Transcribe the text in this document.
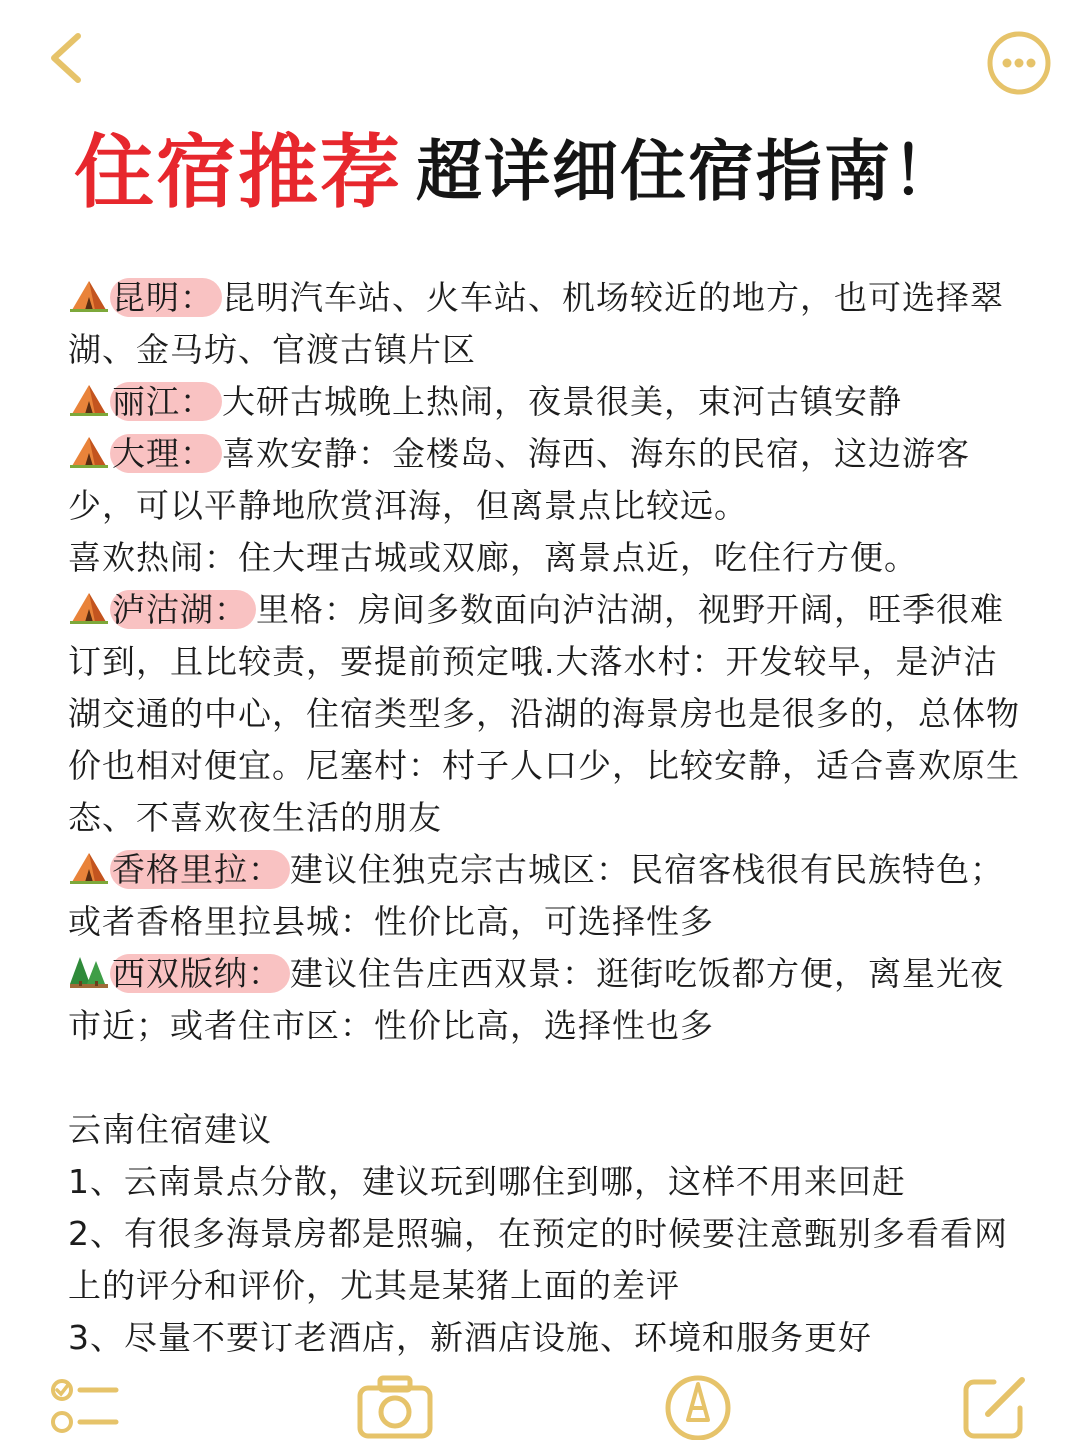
住宿推荐 超详细住宿指南！

昆明： 昆明汽车站、火车站、机场较近的地方，也可选择翠湖、金马坊、官渡古镇片区

丽江： 大研古城晚上热闹，夜景很美，束河古镇安静

大理： 喜欢安静：金楼岛、海西、海东的民宿，这边游客少，可以平静地欣赏洱海，但离景点比较远。

喜欢热闹：住大理古城或双廊，离景点近，吃住行方便。

泸沽湖： 里格：房间多数面向泸沽湖，视野开阔，旺季很难订到，且比较责，要提前预定哦.大落水村：开发较早，是泸沽湖交通的中心，住宿类型多，沿湖的海景房也是很多的，总体物价也相对便宜。尼塞村：村子人口少，比较安静，适合喜欢原生态、不喜欢夜生活的朋友

香格里拉： 建议住独克宗古城区：民宿客栈很有民族特色；或者香格里拉县城：性价比高，可选择性多

西双版纳： 建议住告庄西双景：逛街吃饭都方便，离星光夜市近；或者住市区：性价比高，选择性也多

云南住宿建议

1、云南景点分散，建议玩到哪住到哪，这样不用来回赶

2、有很多海景房都是照骗，在预定的时候要注意甄别多看看网上的评分和评价，尤其是某猪上面的差评

3、尽量不要订老酒店，新酒店设施、环境和服务更好
